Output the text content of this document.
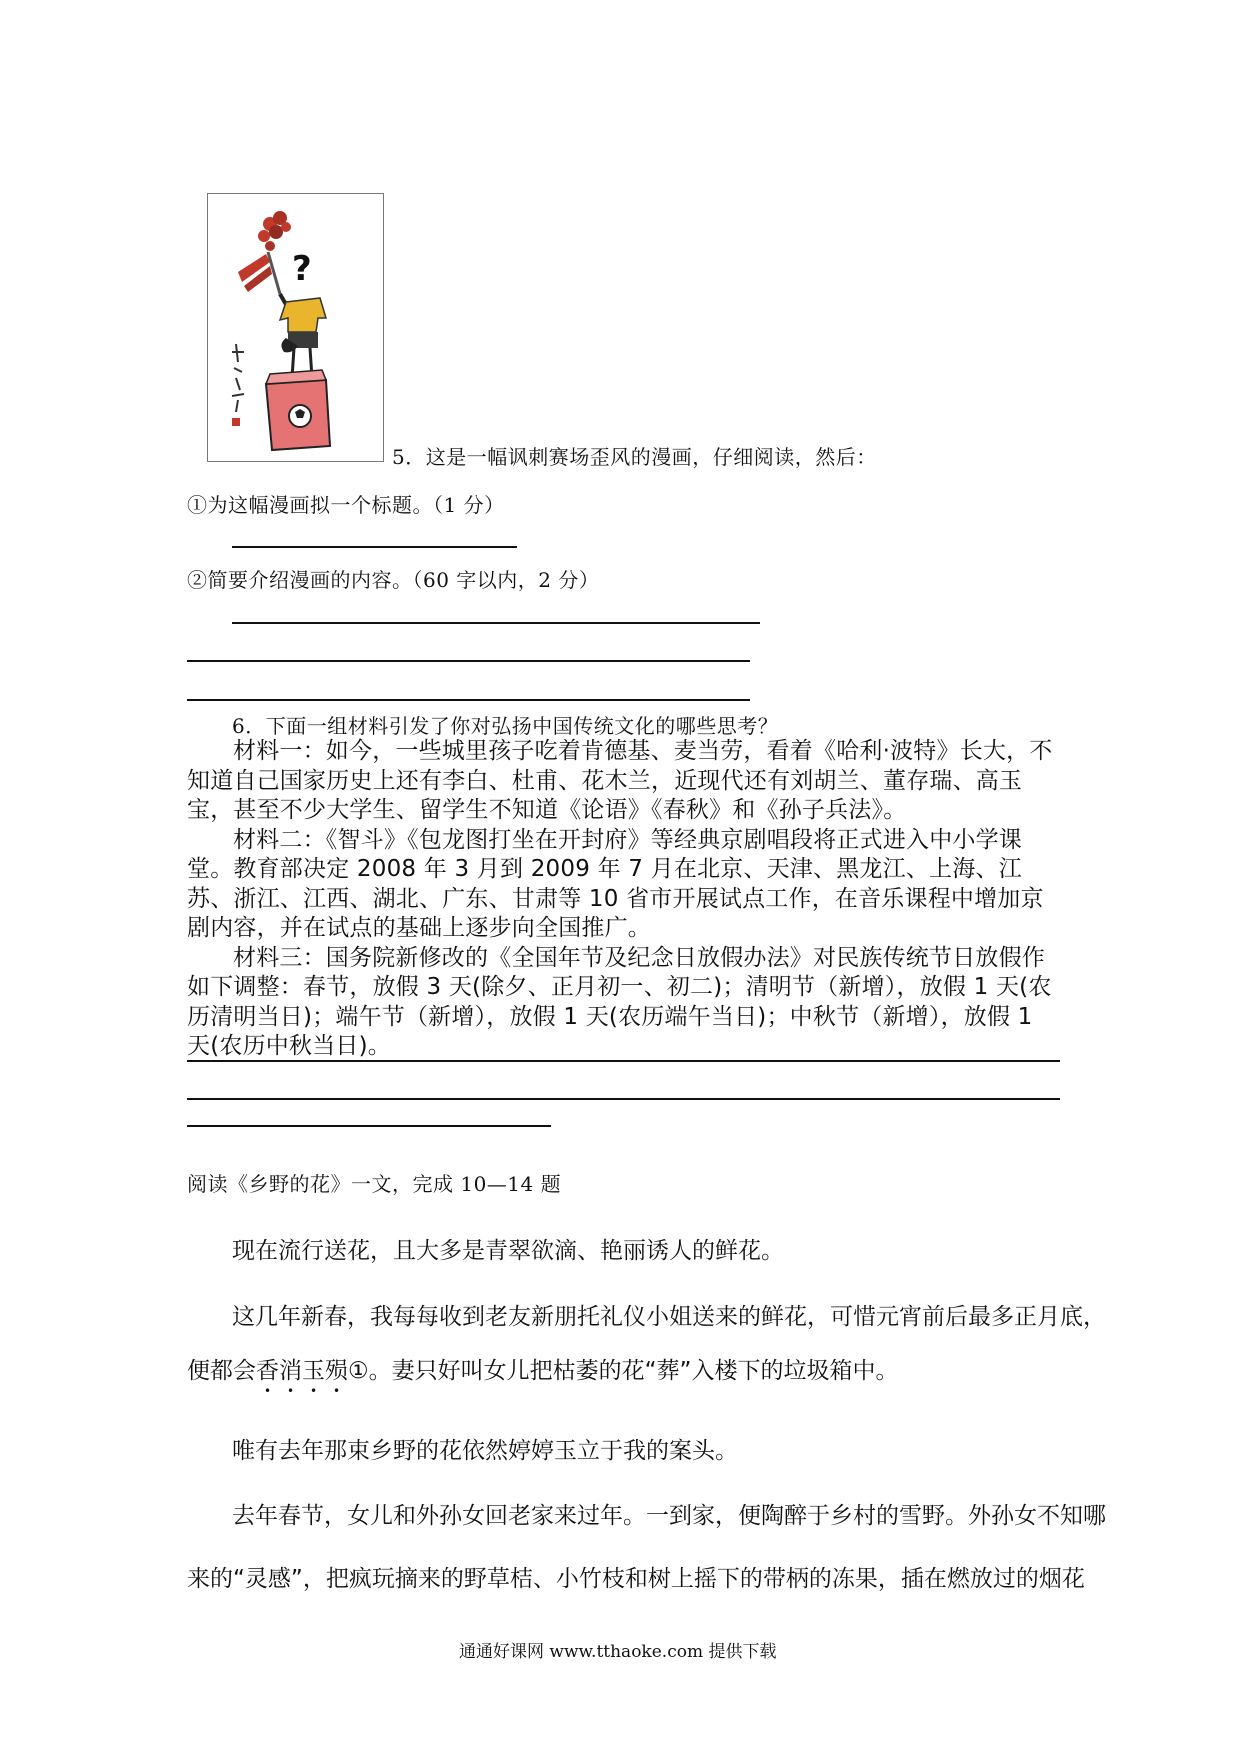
?
5．这是一幅讽刺赛场歪风的漫画，仔细阅读，然后：
①为这幅漫画拟一个标题。（1 分）
②简要介绍漫画的内容。（60 字以内，2 分）
6．下面一组材料引发了你对弘扬中国传统文化的哪些思考？

材料一：如今，一些城里孩子吃着肯德基、麦当劳，看着《哈利·波特》长大，不知道自己国家历史上还有李白、杜甫、花木兰，近现代还有刘胡兰、董存瑞、高玉宝，甚至不少大学生、留学生不知道《论语》《春秋》和《孙子兵法》。

材料二：《智斗》《包龙图打坐在开封府》等经典京剧唱段将正式进入中小学课堂。教育部决定 2008 年 3 月到 2009 年 7 月在北京、天津、黑龙江、上海、江苏、浙江、江西、湖北、广东、甘肃等 10 省市开展试点工作，在音乐课程中增加京剧内容，并在试点的基础上逐步向全国推广。

材料三：国务院新修改的《全国年节及纪念日放假办法》对民族传统节日放假作如下调整：春节，放假 3 天(除夕、正月初一、初二)；清明节（新增），放假 1 天(农历清明当日)；端午节（新增），放假 1 天(农历端午当日)；中秋节（新增），放假 1 天(农历中秋当日)。

阅读《乡野的花》一文，完成 10—14 题
现在流行送花，且大多是青翠欲滴、艳丽诱人的鲜花。
这几年新春，我每每收到老友新朋托礼仪小姐送来的鲜花，可惜元宵前后最多正月底，
便都会香消玉殒①。妻只好叫女儿把枯萎的花“葬”入楼下的垃圾箱中。
唯有去年那束乡野的花依然婷婷玉立于我的案头。
去年春节，女儿和外孙女回老家来过年。一到家，便陶醉于乡村的雪野。外孙女不知哪
来的“灵感”，把疯玩摘来的野草桔、小竹枝和树上摇下的带柄的冻果，插在燃放过的烟花
通通好课网 www.tthaoke.com 提供下载
